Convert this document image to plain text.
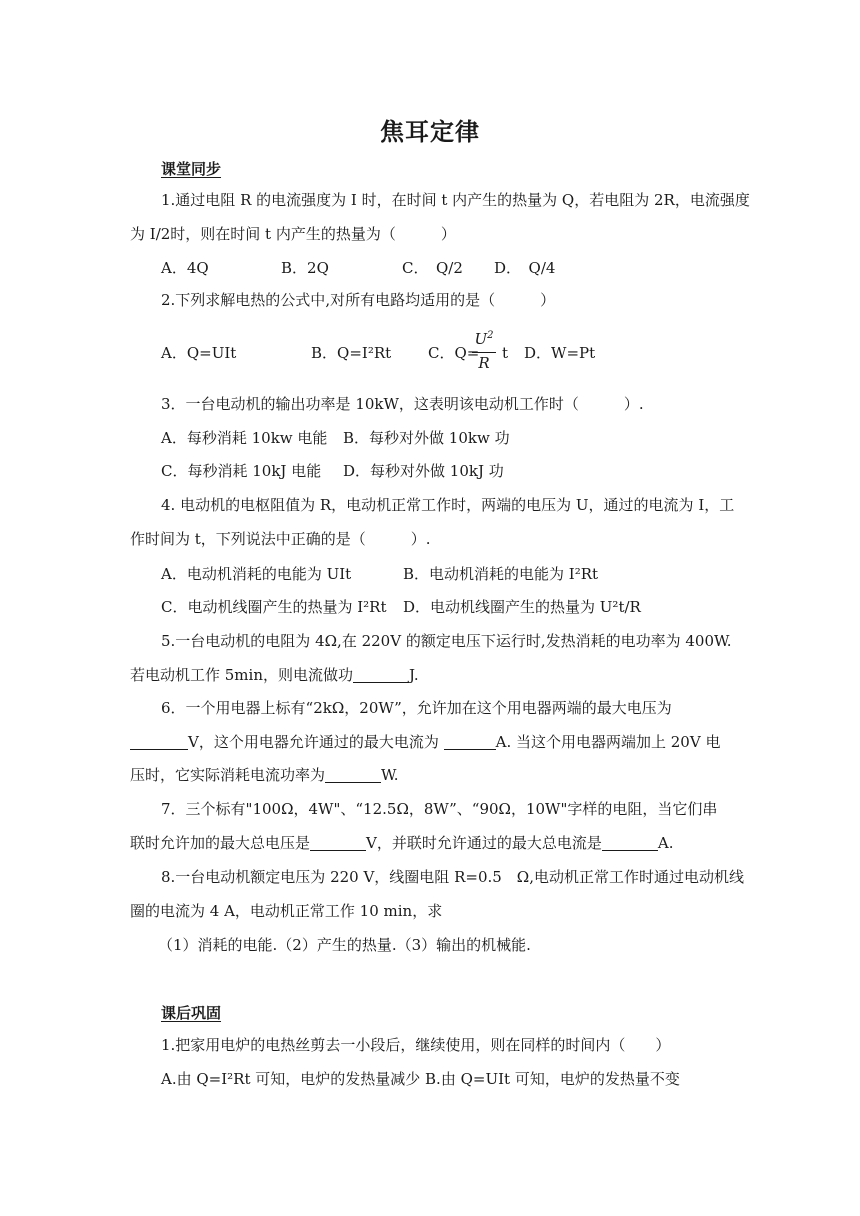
焦耳定律
课堂同步
1.通过电阻 R 的电流强度为 I 时，在时间 t 内产生的热量为 Q，若电阻为 2R，电流强度
为 I/2时，则在时间 t 内产生的热量为（　　　）
A．4Q	B．2Q	C．　Q/2 D．　Q/4
2.下列求解电热的公式中,对所有电路均适用的是（　　　）
A．Q=UIt	B．Q=I²Rt C．Q=
$U^2$
R
t D．W=Pt
3．一台电动机的输出功率是 10kW，这表明该电动机工作时（　　　）.
A．每秒消耗 10kw 电能 B．每秒对外做 10kw 功
C．每秒消耗 10kJ 电能 D．每秒对外做 10kJ 功
4. 电动机的电枢阻值为 R，电动机正常工作时，两端的电压为 U，通过的电流为 I，工
作时间为 t，下列说法中正确的是（　　　）.
A．电动机消耗的电能为 UIt	B．电动机消耗的电能为 I²Rt
C．电动机线圈产生的热量为 I²Rt D．电动机线圈产生的热量为 U²t/R
5.一台电动机的电阻为 4Ω,在 220V 的额定电压下运行时,发热消耗的电功率为 400W.
若电动机工作 5min，则电流做功	J.
6．一个用电器上标有“2kΩ，20W”，允许加在这个用电器两端的最大电压为
V，这个用电器允许通过的最大电流为	A. 当这个用电器两端加上 20V 电
压时，它实际消耗电流功率为	W.
7．三个标有"100Ω，4W"、“12.5Ω，8W”、“90Ω，10W"字样的电阻，当它们串
联时允许加的最大总电压是	V，并联时允许通过的最大总电流是	A.
8.一台电动机额定电压为 220 V，线圈电阻 R=0.5　Ω,电动机正常工作时通过电动机线
圈的电流为 4 A，电动机正常工作 10 min，求
（1）消耗的电能.（2）产生的热量.（3）输出的机械能.
课后巩固
1.把家用电炉的电热丝剪去一小段后，继续使用，则在同样的时间内（　　）
A.由 Q=I²Rt 可知，电炉的发热量减少 B.由 Q=UIt 可知，电炉的发热量不变
